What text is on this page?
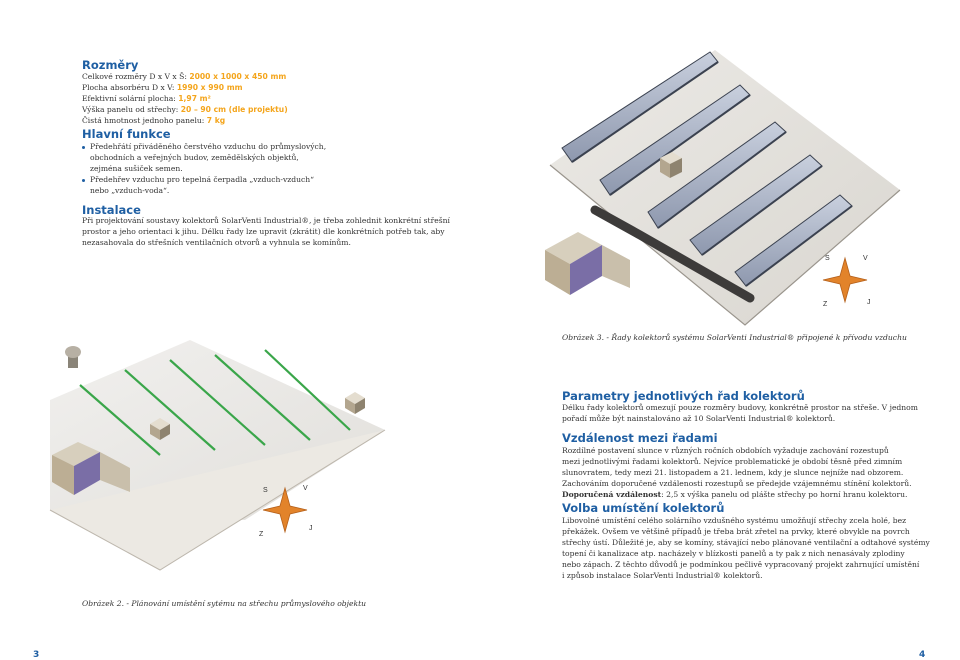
Rozměry
Celkové rozměry D x V x Š: 2000 x 1000 x 450 mm
Plocha absorbéru D x V: 1990 x 990 mm
Efektivní solární plocha: 1,97 m²
Výška panelu od střechy: 20 – 90 cm (dle projektu)
Čistá hmotnost jednoho panelu: 7 kg
Hlavní funkce
Předehřátí přiváděného čerstvého vzduchu do průmyslových,
obchodních a veřejných budov, zemědělských objektů,
zejména sušiček semen.
Předehřev vzduchu pro tepelná čerpadla „vzduch-vzduch“
nebo „vzduch-voda“.
Instalace
Při projektování soustavy kolektorů SolarVenti Industrial®, je třeba zohlednit konkrétní střešní
prostor a jeho orientaci k jihu. Délku řady lze upravit (zkrátit) dle konkrétních potřeb tak, aby
nezasahovala do střešních ventilačních otvorů a vyhnula se komínům.
S	V
J
Z
Obrázek 3. - Řady kolektorů systému SolarVenti Industrial® připojené k přívodu vzduchu
S	V
J
Z
Obrázek 2. - Plánování umístění sytému na střechu průmyslového objektu
Parametry jednotlivých řad kolektorů
Délku řady kolektorů omezují pouze rozměry budovy, konkrétně prostor na střeše. V jednom
pořadí může být nainstalováno až 10 SolarVenti Industrial® kolektorů.
Vzdálenost mezi řadami
Rozdílné postavení slunce v různých ročních obdobích vyžaduje zachování rozestupů
mezi jednotlivými řadami kolektorů. Nejvíce problematické je období těsně před zimním
slunovratem, tedy mezi 21. listopadem a 21. lednem, kdy je slunce nejníže nad obzorem.
Zachováním doporučené vzdálenosti rozestupů se předejde vzájemnému stínění kolektorů.
Doporučená vzdálenost: 2,5 x výška panelu od plášte střechy po horní hranu kolektoru.
Volba umístění kolektorů
Libovolné umístění celého solárního vzdušného systému umožňují střechy zcela holé, bez
překážek. Ovšem ve většině případů je třeba brát zřetel na prvky, které obvykle na povrch
střechy ústí. Důležité je, aby se komíny, stávající nebo plánované ventilační a odtahové systémy
topení či kanalizace atp. nacházely v blízkosti panelů a ty pak z nich nenasávaly zplodiny
nebo zápach. Z těchto důvodů je podmínkou pečlivě vypracovaný projekt zahrnující umístění
i způsob instalace SolarVenti Industrial® kolektorů.
3	4
